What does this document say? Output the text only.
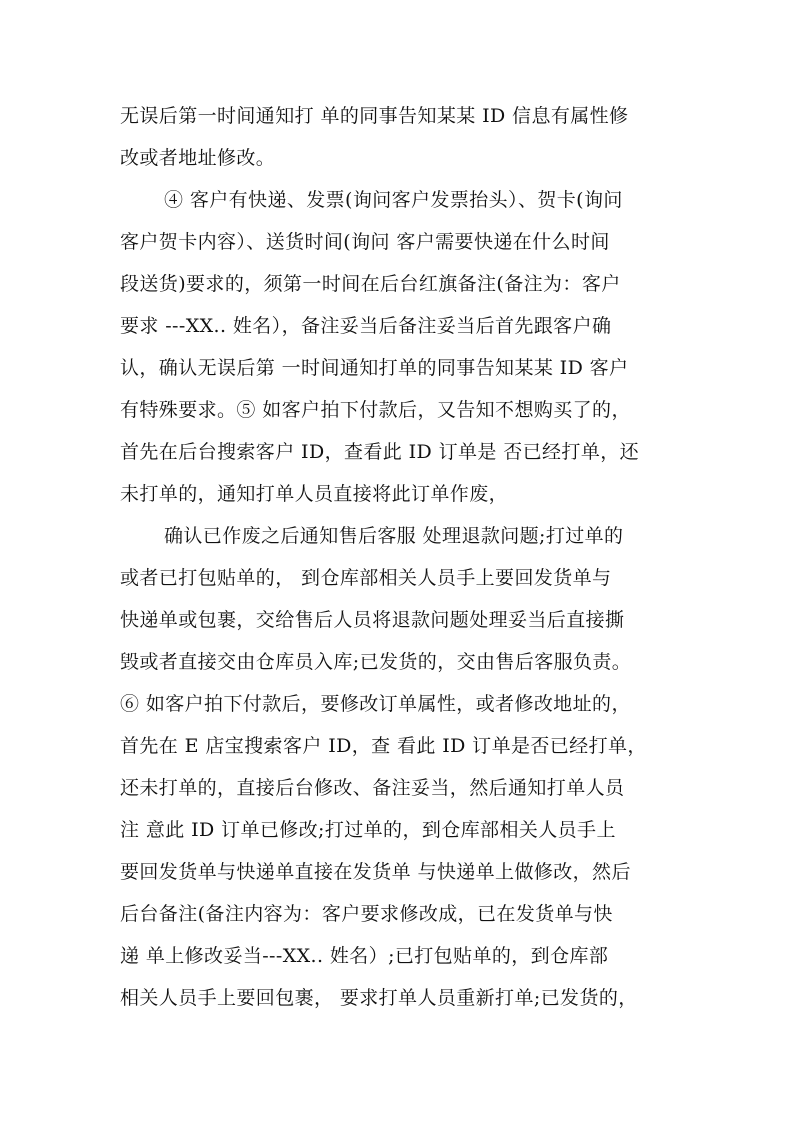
无误后第一时间通知打 单的同事告知某某 ID 信息有属性修
改或者地址修改。
④ 客户有快递、发票(询问客户发票抬头）、贺卡(询问
客户贺卡内容）、送货时间(询问 客户需要快递在什么时间
段送货)要求的，须第一时间在后台红旗备注(备注为：客户
要求 ---XX.. 姓名），备注妥当后备注妥当后首先跟客户确
认，确认无误后第 一时间通知打单的同事告知某某 ID 客户
有特殊要求。⑤ 如客户拍下付款后，又告知不想购买了的，
首先在后台搜索客户 ID，查看此 ID 订单是 否已经打单，还
未打单的，通知打单人员直接将此订单作废，
确认已作废之后通知售后客服 处理退款问题;打过单的
或者已打包贴单的， 到仓库部相关人员手上要回发货单与
快递单或包裹，交给售后人员将退款问题处理妥当后直接撕
毁或者直接交由仓库员入库;已发货的，交由售后客服负责。
⑥ 如客户拍下付款后，要修改订单属性，或者修改地址的，
首先在 E 店宝搜索客户 ID，查 看此 ID 订单是否已经打单，
还未打单的，直接后台修改、备注妥当，然后通知打单人员
注 意此 ID 订单已修改;打过单的，到仓库部相关人员手上
要回发货单与快递单直接在发货单 与快递单上做修改，然后
后台备注(备注内容为：客户要求修改成，已在发货单与快
递 单上修改妥当---XX.. 姓名）;已打包贴单的，到仓库部
相关人员手上要回包裹， 要求打单人员重新打单;已发货的，
